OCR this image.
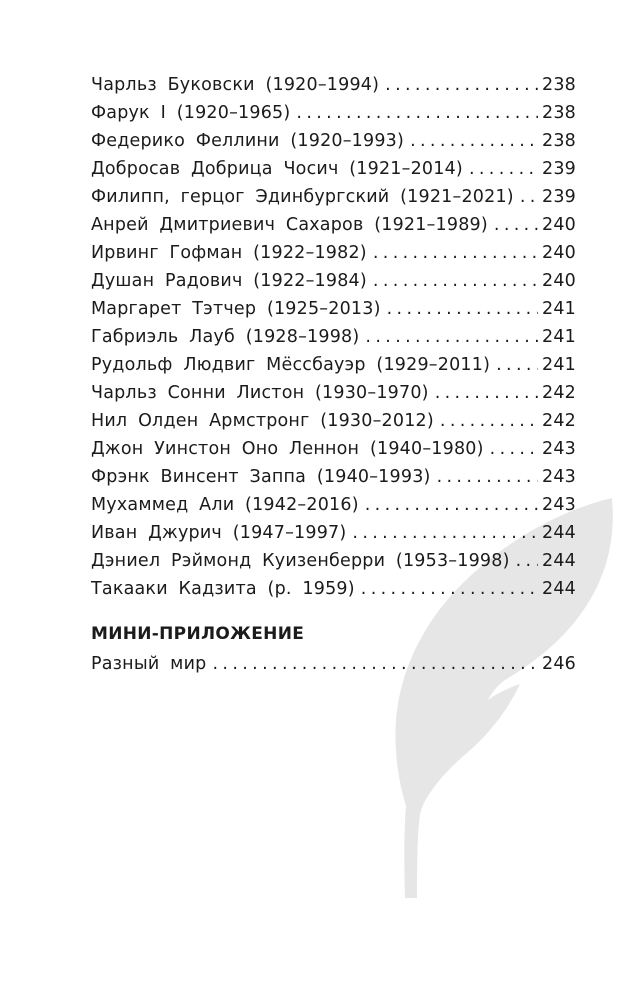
Чарльз Буковски (1920–1994) . . .	238
Фарук I (1920–1965) . . .	238
Федерико Феллини (1920–1993) . . .	238
Добросав Добрица Чосич (1921–2014) . . .	239
Филипп, герцог Эдинбургский (1921–2021) . . . 239
Анрей Дмитриевич Сахаров (1921–1989) . . .	240
Ирвинг Гофман (1922–1982) . . .	240
Душан Радович (1922–1984) . . .	240
Маргарет Тэтчер (1925–2013) . . .	241
Габриэль Лауб (1928–1998) . . .	241
Рудольф Людвиг Мёссбауэр (1929–2011) . . .	241
Чарльз Сонни Листон (1930–1970) . . .	242
Нил Олден Армстронг (1930–2012) . . .	242
Джон Уинстон Оно Леннон (1940–1980) . . .	243
Фрэнк Винсент Заппа (1940–1993) . . .	243
Мухаммед Али (1942–2016) . . .	243
Иван Джурич (1947–1997) . . .	244
Дэниел Рэймонд Куизенберри (1953–1998) . . . 244
Такааки Кадзита (р. 1959) . . .	244
МИНИ-ПРИЛОЖЕНИЕ
Разный мир . . .	246
